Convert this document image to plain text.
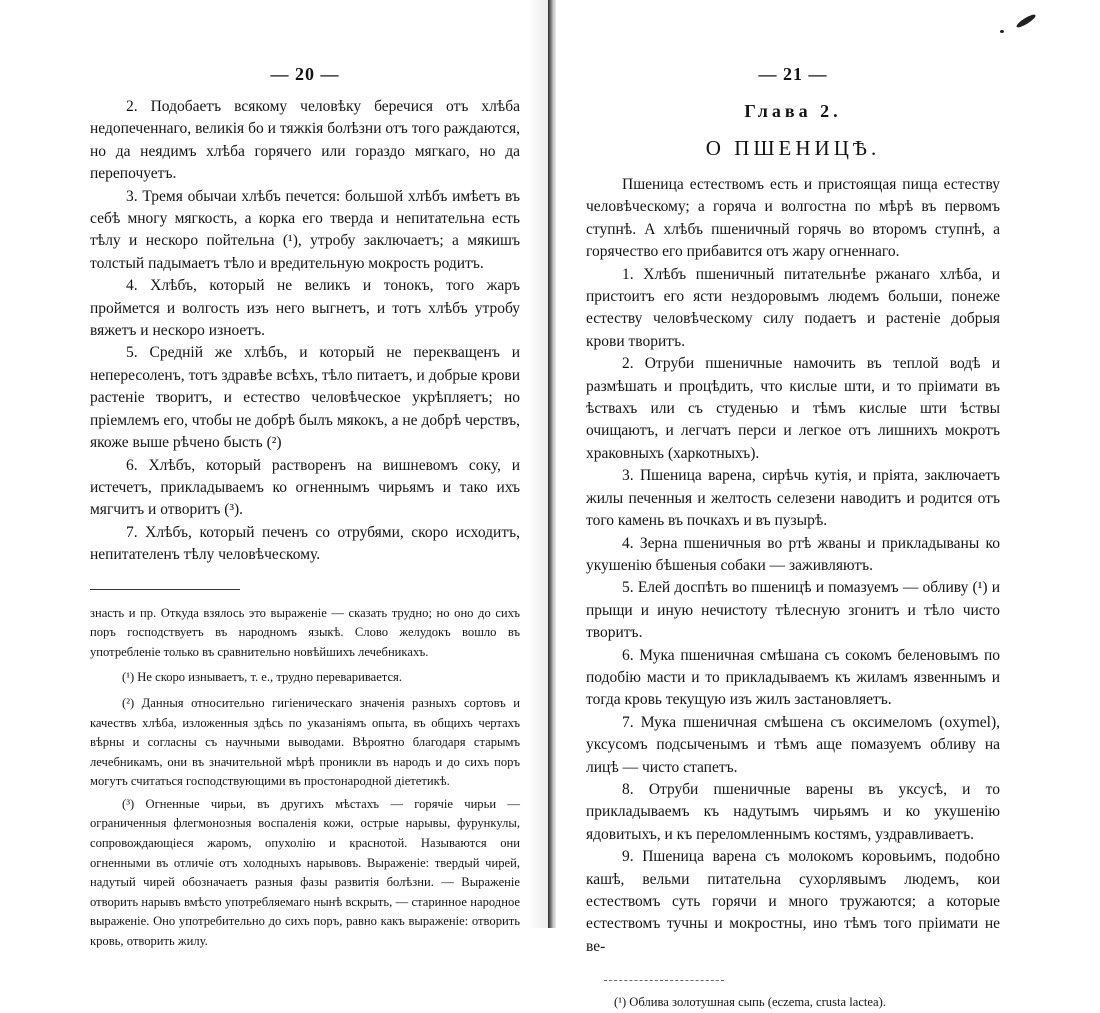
— 20 —

2. Подобаетъ всякому человѣку беречися отъ хлѣба недопеченнаго, великія бо и тяжкія болѣзни отъ того раждаются, но да неядимъ хлѣба горячего или гораздо мягкаго, но да перепочуетъ.

3. Тремя обычаи хлѣбъ печется: большой хлѣбъ имѣетъ въ себѣ многу мягкость, а корка его тверда и непитательна есть тѣлу и нескоро пойтельна (¹), утробу заключаетъ; а мякишъ толстый падымаетъ тѣло и вредительную мокрость родитъ.

4. Хлѣбъ, который не великъ и тонокъ, того жаръ проймется и волгость изъ него выгнетъ, и тотъ хлѣбъ утробу вяжетъ и нескоро изноетъ.

5. Средній же хлѣбъ, и который не перекващенъ и непересоленъ, тотъ здравѣе всѣхъ, тѣло питаетъ, и добрые крови растеніе творитъ, и естество человѣческое укрѣпляетъ; но пріемлемъ его, чтобы не добрѣ былъ мякокъ, а не добрѣ черствъ, якоже выше рѣчено бысть (²)

6. Хлѣбъ, который растворенъ на вишневомъ соку, и истечетъ, прикладываемъ ко огненнымъ чирьямъ и тако ихъ мягчитъ и отворитъ (³).

7. Хлѣбъ, который печенъ со отрубями, скоро исходитъ, непитателенъ тѣлу человѣческому.

знасть и пр. Откуда взялось это выраженіе — сказать трудно; но оно до сихъ поръ господствуетъ въ народномъ языкѣ. Слово желудокъ вошло въ употребленіе только въ сравнительно новѣйшихъ лечебникахъ.

(¹) Не скоро изнываетъ, т. е., трудно переваривается.

(²) Данныя относительно гигіеническаго значенія разныхъ сортовъ и качествъ хлѣба, изложенныя здѣсь по указаніямъ опыта, въ общихъ чертахъ вѣрны и согласны съ научными выводами. Вѣроятно благодаря старымъ лечебникамъ, они въ значительной мѣрѣ проникли въ народъ и до сихъ поръ могутъ считаться господствующими въ простонародной діететикѣ.

(³) Огненные чирьи, въ другихъ мѣстахъ — горячіе чирьи — ограниченныя флегмонозныя воспаленія кожи, острые нарывы, фурункулы, сопровождающіеся жаромъ, опухолію и краснотой. Называются они огненными въ отличіе отъ холодныхъ нарывовъ. Выраженіе: твердый чирей, надутый чирей обозначаетъ разныя фазы развитія болѣзни. — Выраженіе отворить нарывъ вмѣсто употребляемаго нынѣ вскрыть, — старинное народное выраженіе. Оно употребительно до сихъ поръ, равно какъ выраженіе: отворить кровь, отворить жилу.

— 21 —
Глава 2.
О ПШЕНИЦѢ.

Пшеница естествомъ есть и пристоящая пища естеству человѣческому; а горяча и волгостна по мѣрѣ въ первомъ ступнѣ. А хлѣбъ пшеничный горячь во второмъ ступнѣ, а горячество его прибавится отъ жару огненнаго.

1. Хлѣбъ пшеничный питательнѣе ржанаго хлѣба, и пристоитъ его ясти нездоровымъ людемъ больши, понеже естеству человѣческому силу подаетъ и растеніе добрыя крови творитъ.

2. Отруби пшеничные намочить въ теплой водѣ и размѣшать и процѣдить, что кислые шти, и то пріимати въ ѣствахъ или съ студенью и тѣмъ кислые шти ѣствы очищаютъ, и легчатъ перси и легкое отъ лишнихъ мокротъ храковныхъ (харкотныхъ).

3. Пшеница варена, сирѣчь кутія, и пріята, заключаетъ жилы печенныя и желтость селезени наводитъ и родится отъ того камень въ почкахъ и въ пузырѣ.

4. Зерна пшеничныя во ртѣ жваны и прикладываны ко укушенію бѣшеныя собаки — заживляютъ.

5. Елей доспѣть во пшеницѣ и помазуемъ — обливу (¹) и прыщи и иную нечистоту тѣлесную згонитъ и тѣло чисто творитъ.

6. Мука пшеничная смѣшана съ сокомъ беленовымъ по подобію масти и то прикладываемъ къ жиламъ язвеннымъ и тогда кровь текущую изъ жилъ застановляетъ.

7. Мука пшеничная смѣшена съ оксимеломъ (oxymel), уксусомъ подсыченымъ и тѣмъ аще помазуемъ обливу на лицѣ — чисто стапетъ.

8. Отруби пшеничные варены въ уксусѣ, и то прикладываемъ къ надутымъ чирьямъ и ко укушенію ядовитыхъ, и къ переломленнымъ костямъ, уздравливаетъ.

9. Пшеница варена съ молокомъ коровьимъ, подобно кашѣ, вельми питательна сухорлявымъ людемъ, кои естествомъ суть горячи и много тружаются; а которые естествомъ тучны и мокростны, ино тѣмъ того пріимати не ве-

(¹) Облива золотушная сыпь (eczema, crusta lactea).
